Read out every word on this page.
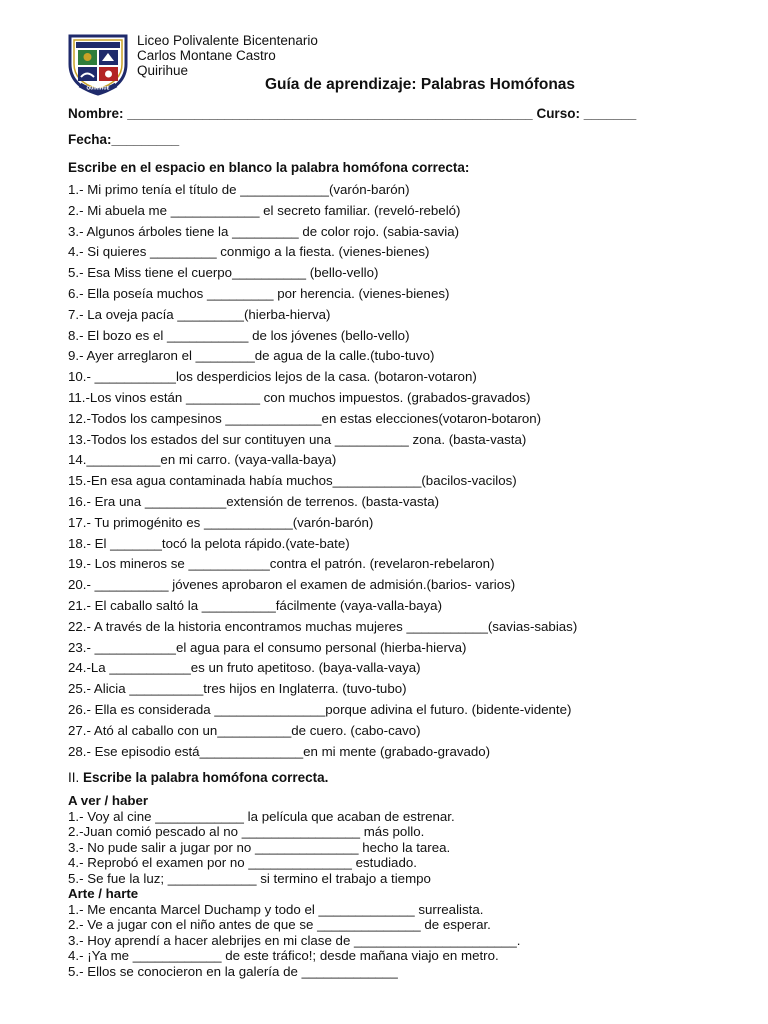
QUIRIHUE
Liceo Polivalente Bicentenario
Carlos Montane Castro
Quirihue
Guía de aprendizaje: Palabras Homófonas
Nombre: ______________________________________________________ Curso: _______
Fecha:_________
Escribe en el espacio en blanco la palabra homófona correcta:
1.- Mi primo tenía el título de ____________(varón-barón)
2.- Mi abuela me ____________ el secreto familiar. (reveló-rebeló)
3.- Algunos árboles tiene la _________ de color rojo. (sabia-savia)
4.- Si quieres _________ conmigo a la fiesta. (vienes-bienes)
5.- Esa Miss tiene el cuerpo__________ (bello-vello)
6.- Ella poseía muchos _________ por herencia. (vienes-bienes)
7.- La oveja pacía _________(hierba-hierva)
8.- El bozo es el ___________ de los jóvenes (bello-vello)
9.- Ayer arreglaron el ________de agua de la calle.(tubo-tuvo)
10.- ___________los desperdicios lejos de la casa. (botaron-votaron)
11.-Los vinos están __________ con muchos impuestos. (grabados-gravados)
12.-Todos los campesinos _____________en estas elecciones(votaron-botaron)
13.-Todos los estados del sur contituyen una __________ zona. (basta-vasta)
14.__________en mi carro. (vaya-valla-baya)
15.-En esa agua contaminada había muchos____________(bacilos-vacilos)
16.- Era una ___________extensión de terrenos. (basta-vasta)
17.- Tu primogénito es ____________(varón-barón)
18.- El _______tocó la pelota rápido.(vate-bate)
19.- Los mineros se ___________contra el patrón. (revelaron-rebelaron)
20.- __________ jóvenes aprobaron el examen de admisión.(barios- varios)
21.- El caballo saltó la __________fácilmente (vaya-valla-baya)
22.- A través de la historia encontramos muchas mujeres ___________(savias-sabias)
23.- ___________el agua para el consumo personal (hierba-hierva)
24.-La ___________es un fruto apetitoso. (baya-valla-vaya)
25.- Alicia __________tres hijos en Inglaterra. (tuvo-tubo)
26.- Ella es considerada _______________porque adivina el futuro. (bidente-vidente)
27.- Ató al caballo con un__________de cuero. (cabo-cavo)
28.- Ese episodio está______________en mi mente (grabado-gravado)
II. Escribe la palabra homófona correcta.
A ver / haber
1.- Voy al cine ____________ la película que acaban de estrenar.
2.-Juan comió pescado al no ________________ más pollo.
3.- No pude salir a jugar por no ______________ hecho la tarea.
4.- Reprobó el examen por no ______________ estudiado.
5.- Se fue la luz; ____________ si termino el trabajo a tiempo
Arte / harte
1.- Me encanta Marcel Duchamp y todo el _____________ surrealista.
2.- Ve a jugar con el niño antes de que se ______________ de esperar.
3.- Hoy aprendí a hacer alebrijes en mi clase de ______________________.
4.- ¡Ya me ____________ de este tráfico!; desde mañana viajo en metro.
5.- Ellos se conocieron en la galería de _____________
